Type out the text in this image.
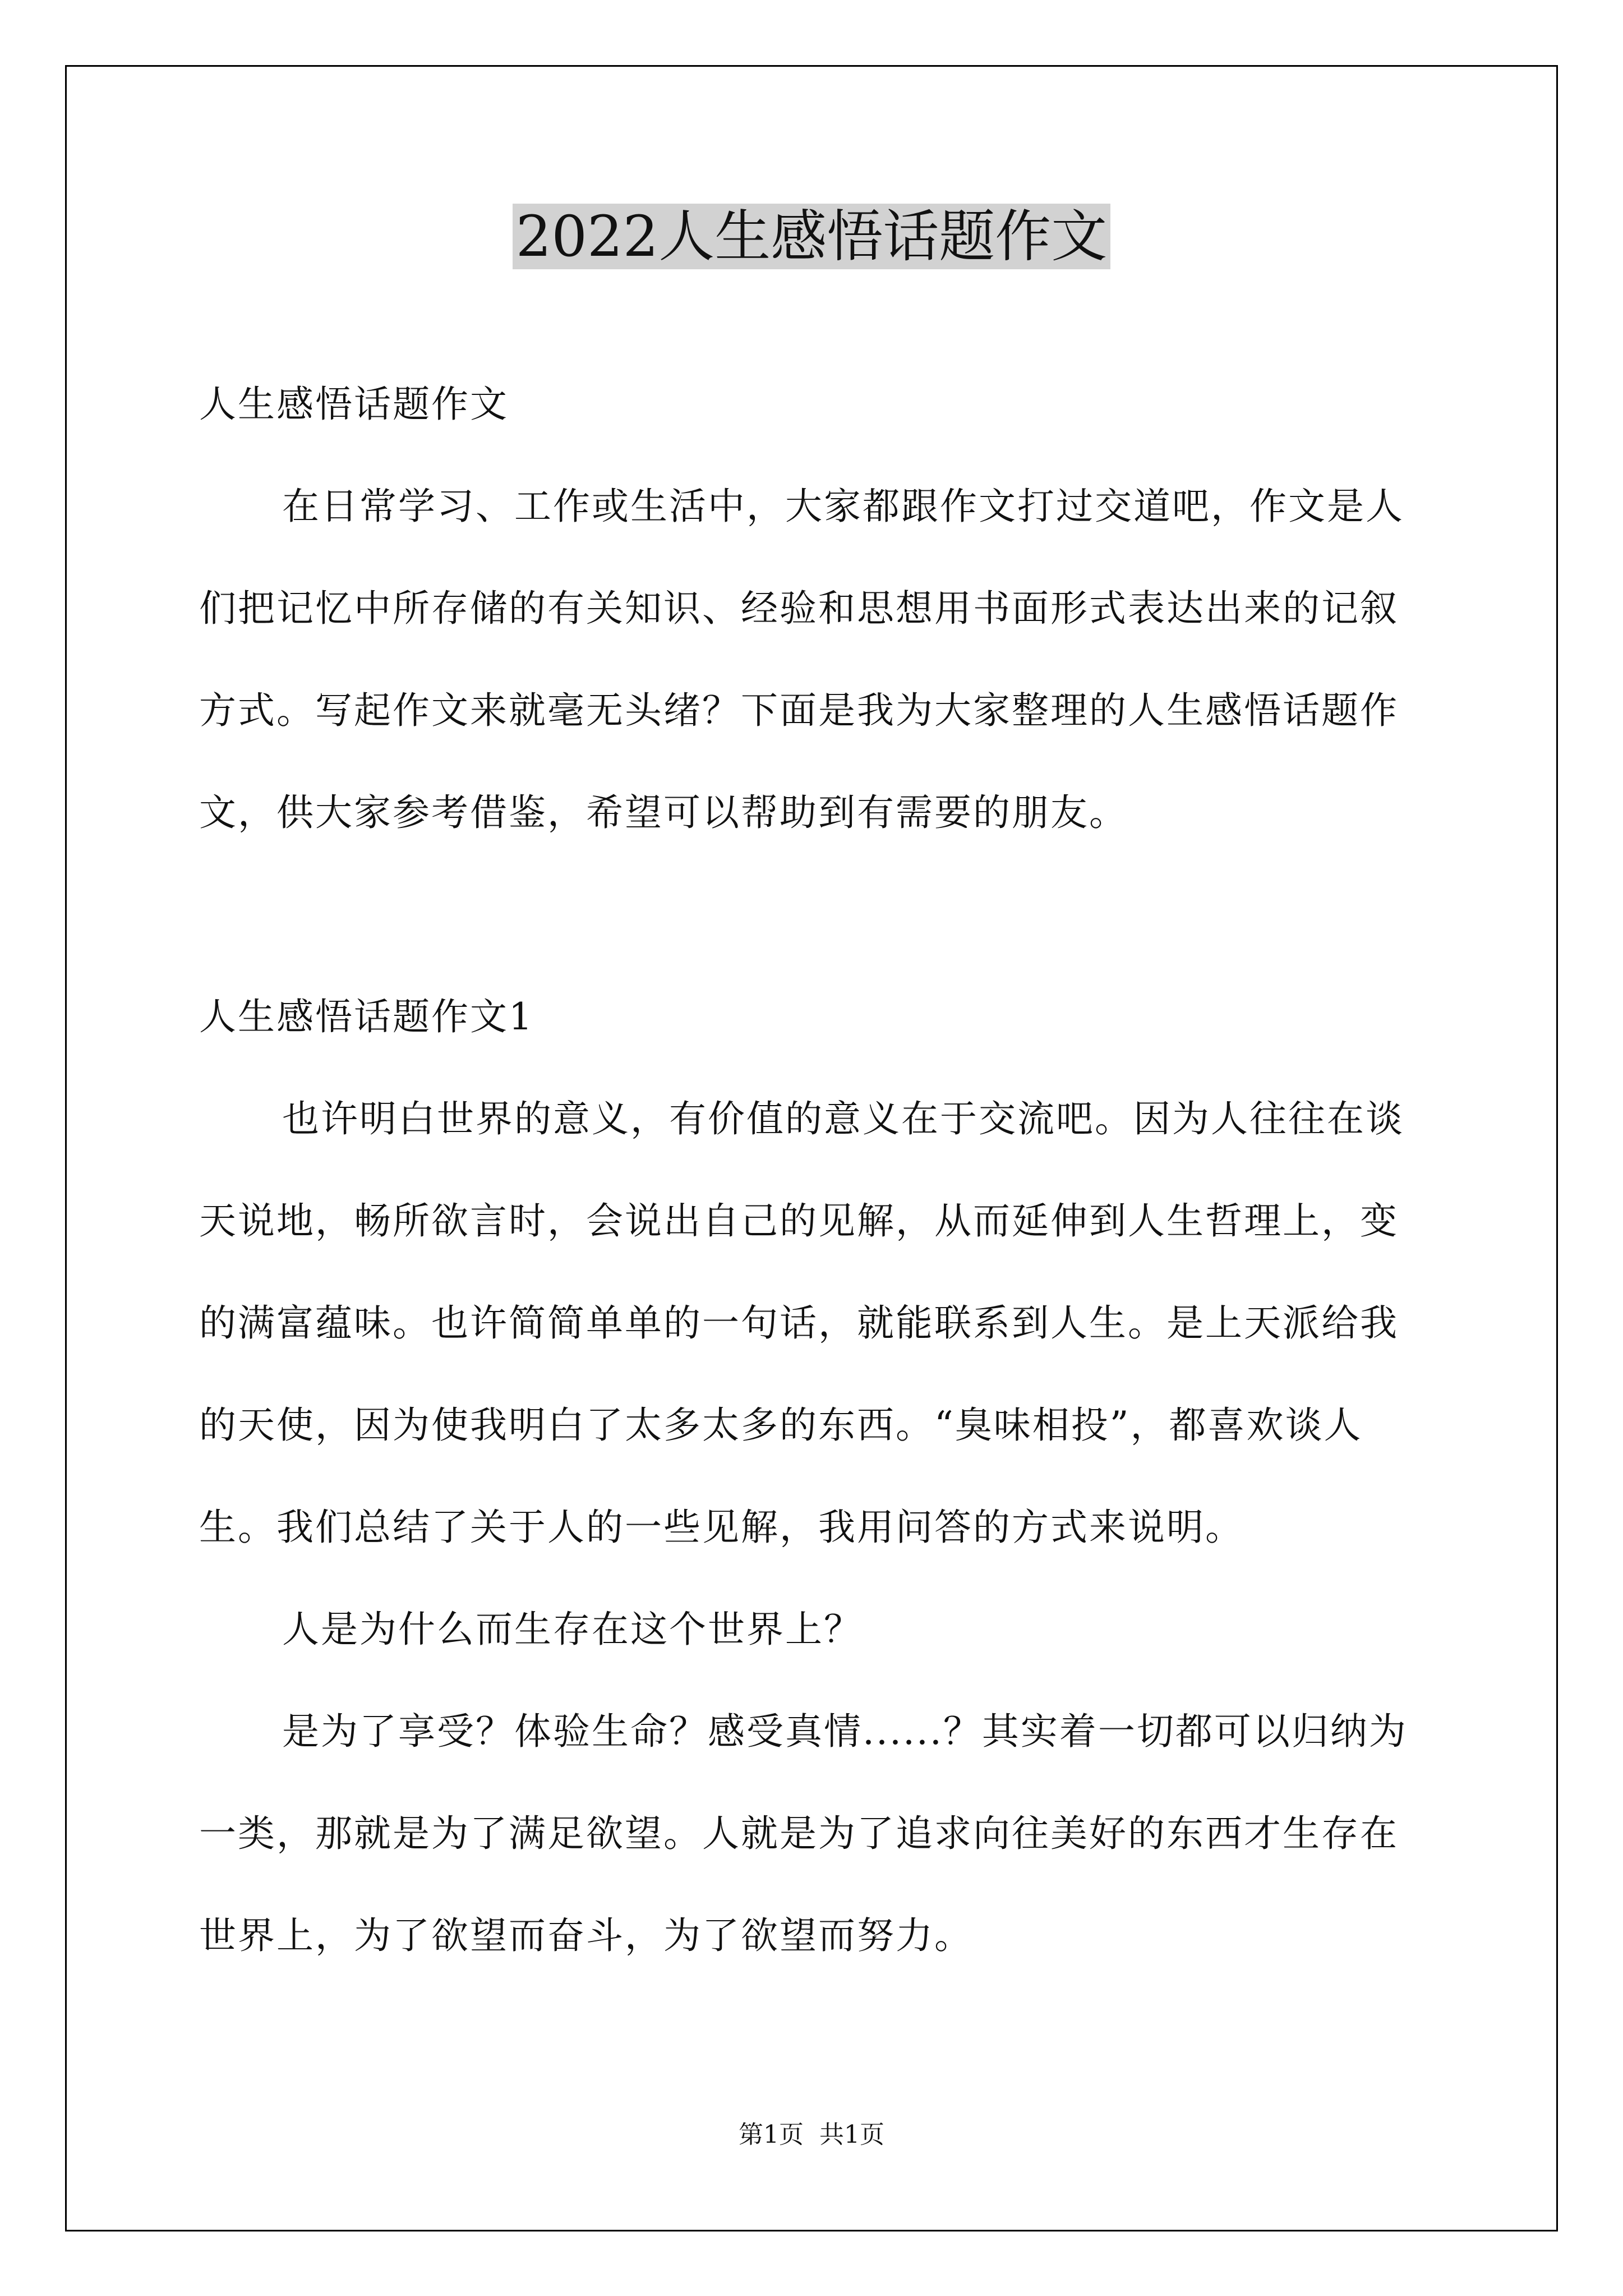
2022人生感悟话题作文

人生感悟话题作文

在日常学习、工作或生活中，大家都跟作文打过交道吧，作文是人们把记忆中所存储的有关知识、经验和思想用书面形式表达出来的记叙方式。写起作文来就毫无头绪？下面是我为大家整理的人生感悟话题作文，供大家参考借鉴，希望可以帮助到有需要的朋友。

人生感悟话题作文1

也许明白世界的意义，有价值的意义在于交流吧。因为人往往在谈天说地，畅所欲言时，会说出自己的见解，从而延伸到人生哲理上，变的满富蕴味。也许简简单单的一句话，就能联系到人生。是上天派给我的天使，因为使我明白了太多太多的东西。“臭味相投”，都喜欢谈人生。我们总结了关于人的一些见解，我用问答的方式来说明。

人是为什么而生存在这个世界上？

是为了享受？体验生命？感受真情......？其实着一切都可以归纳为一类，那就是为了满足欲望。人就是为了追求向往美好的东西才生存在世界上，为了欲望而奋斗，为了欲望而努力。

第1页  共1页
